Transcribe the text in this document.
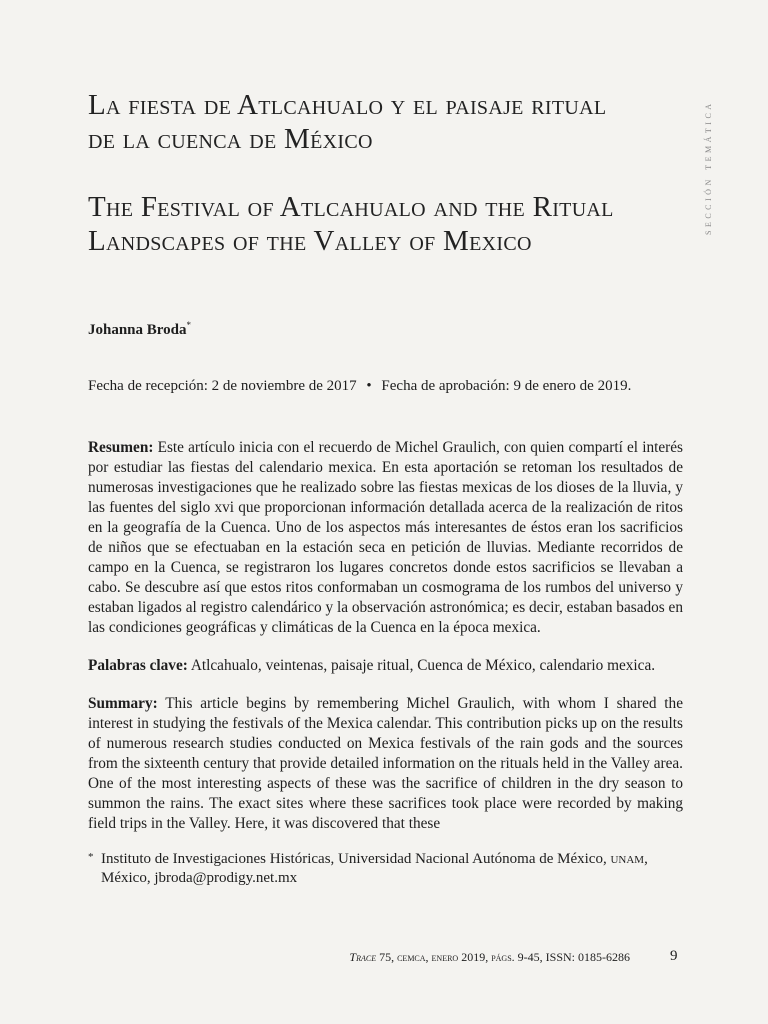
sección temática
La fiesta de Atlcahualo y el paisaje ritual
de la cuenca de México
The Festival of Atlcahualo and the Ritual
Landscapes of the Valley of Mexico
Johanna Broda*
Fecha de recepción: 2 de noviembre de 2017 • Fecha de aprobación: 9 de enero de 2019.

Resumen: Este artículo inicia con el recuerdo de Michel Graulich, con quien compartí el interés por estudiar las fiestas del calendario mexica. En esta aportación se retoman los resultados de numerosas investigaciones que he realizado sobre las fiestas mexicas de los dioses de la lluvia, y las fuentes del siglo xvi que proporcionan información detallada acerca de la realización de ritos en la geografía de la Cuenca. Uno de los aspectos más interesantes de éstos eran los sacrificios de niños que se efectuaban en la estación seca en petición de lluvias. Mediante recorridos de campo en la Cuenca, se registraron los lugares concretos donde estos sacrificios se llevaban a cabo. Se descubre así que estos ritos conformaban un cosmograma de los rumbos del universo y estaban ligados al registro calendárico y la observación astronómica; es decir, estaban basados en las condiciones geográficas y climáticas de la Cuenca en la época mexica.

Palabras clave: Atlcahualo, veintenas, paisaje ritual, Cuenca de México, calendario mexica.

Summary: This article begins by remembering Michel Graulich, with whom I shared the interest in studying the festivals of the Mexica calendar. This contribution picks up on the results of numerous research studies conducted on Mexica festivals of the rain gods and the sources from the sixteenth century that provide detailed information on the rituals held in the Valley area. One of the most interesting aspects of these was the sacrifice of children in the dry season to summon the rains. The exact sites where these sacrifices took place were recorded by making field trips in the Valley. Here, it was discovered that these

* Instituto de Investigaciones Históricas, Universidad Nacional Autónoma de México, unam,
México, jbroda@prodigy.net.mx
Trace 75, cemca, enero 2019, págs. 9-45, ISSN: 0185-6286	9
